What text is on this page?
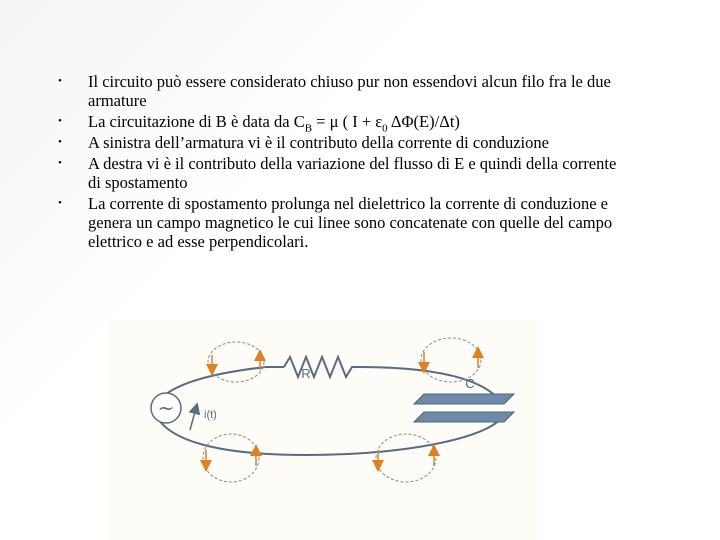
• Il circuito può essere considerato chiuso pur non essendovi alcun filo fra le due armature
• La circuitazione di B è data da $C_B = \mu$ ( $I + \varepsilon_0$ ΔΦ(E)/Δt)
• A sinistra dell’armatura vi è il contributo della corrente di conduzione
• A destra vi è il contributo della variazione del flusso di E e quindi della corrente di spostamento
• La corrente di spostamento prolunga nel dielettrico la corrente di conduzione e genera un campo magnetico le cui linee sono concatenate con quelle del campo elettrico e ad esse perpendicolari.
R
~	i(t)
C
